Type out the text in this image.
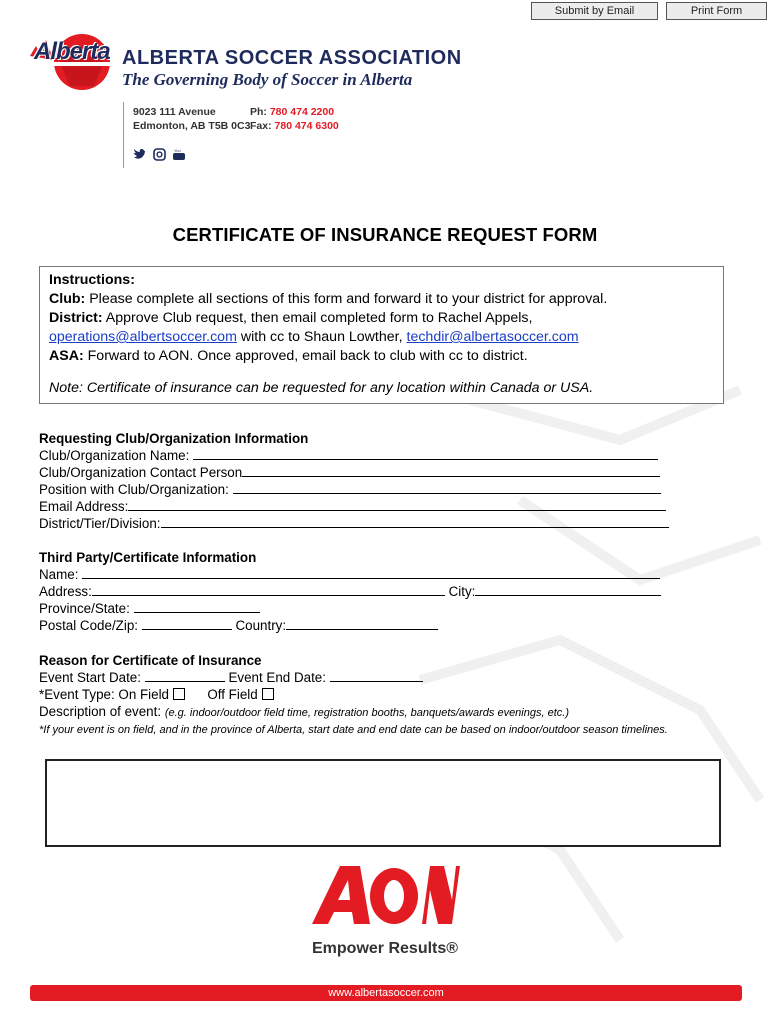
Submit by Email	Print Form
Alberta ALBERTA SOCCER ASSOCIATION
The Governing Body of Soccer in Alberta
9023 111 Avenue
Edmonton, AB T5B 0C3
Ph: 780 474 2200
Fax: 780 474 6300
You
CERTIFICATE OF INSURANCE REQUEST FORM
Instructions:
Club: Please complete all sections of this form and forward it to your district for approval.
District: Approve Club request, then email completed form to Rachel Appels,
operations@albertsoccer.com with cc to Shaun Lowther, techdir@albertasoccer.com
ASA: Forward to AON. Once approved, email back to club with cc to district.
Note: Certificate of insurance can be requested for any location within Canada or USA.
Requesting Club/Organization Information
Club/Organization Name:
Club/Organization Contact Person
Position with Club/Organization:
Email Address:
District/Tier/Division:
Third Party/Certificate Information
Name:
Address:	City:
Province/State:
Postal Code/Zip:	Country:
Reason for Certificate of Insurance
Event Start Date:	Event End Date:
*Event Type: On Field	Off Field
Description of event: (e.g. indoor/outdoor field time, registration booths, banquets/awards evenings, etc.)
*If your event is on field, and in the province of Alberta, start date and end date can be based on indoor/outdoor season timelines.
Empower Results®
www.albertasoccer.com
